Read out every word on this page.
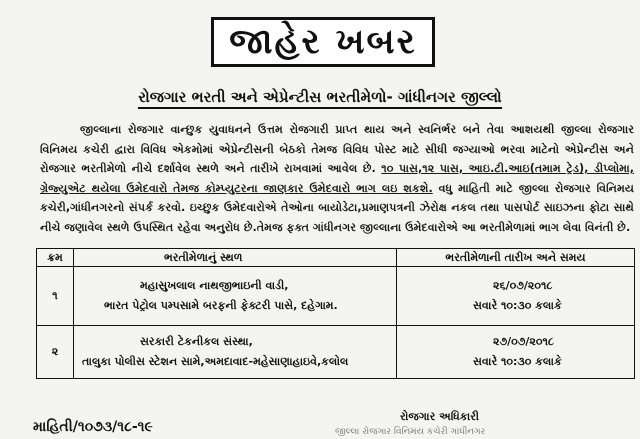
જાહેર ખબર
રોજગાર ભરતી અને એપ્રેન્ટીસ ભરતીમેળો- ગાંધીનગર જીલ્લો

જીલ્લાના રોજગાર વાન્છુક યુવાધનને ઉત્તમ રોજગારી પ્રાપ્ત થાય અને સ્વનિર્ભર બને તેવા આશયથી જીલ્લા રોજગાર વિનિમય કચેરી દ્વારા વિવિધ એકમોમાં એપ્રેન્ટીસની બેઠકો તેમજ વિવિધ પોસ્ટ માટે સીધી જગ્યાઓ ભરવા માટેનો એપ્રેન્ટીસ અને રોજગાર ભરતીમેળો નીચે દર્શાવેલ સ્થળે અને તારીખે રાખવામાં આવેલ છે. ૧૦ પાસ,૧૨ પાસ, આઇ.ટી.આઇ(તમામ ટ્રેડ), ડીપ્લોમા, ગ્રેજ્યુએટ થયેલા ઉમેદવારો તેમજ કોમ્પ્યુટરના જાણકાર ઉમેદવારો ભાગ લઇ શકશે. વધુ માહિતી માટે જીલ્લા રોજગાર વિનિમય કચેરી,ગાંધીનગરનો સંપર્ક કરવો. ઇચ્છુક ઉમેદવારોએ તેઓના બાયોડેટા,પ્રમાણપત્રની ઝેરોક્ષ નકલ તથા પાસપોર્ટ સાઇઝના ફોટા સાથે નીચે જણાવેલ સ્થળે ઉપસ્થિત રહેવા અનુરોધ છે.તેમજ ફક્ત ગાંધીનગર જીલ્લાના ઉમેદવારોએ આ ભરતીમેળામાં ભાગ લેવા વિનંતી છે.

ક્રમ	ભરતીમેળાનું સ્થળ	ભરતીમેળાની તારીખ અને સમય
૧	મહાસુખલાલ નાથજીભાઇની વાડી,
ભારત પેટ્રોલ પમ્પસામે બરફની ફેક્ટરી પાસે, દહેગામ.	૨૬/૦૭/૨૦૧૮
સવારે ૧૦:૩૦ કલાકે

૨	સરકારી ટેકનીકલ સંસ્થા,
તાલુકા પોલીસ સ્ટેશન સામે,અમદાવાદ-મહેસાણાહાઇવે,કલોલ	૨૭/૦૭/૨૦૧૮
સવારે ૧૦:૩૦ કલાકે
માહિતી/૧૦૭૩/૧૮-૧૯
રોજગાર અધિકારી
જીલ્લા રોજગાર વિનિમય કચેરી ગાંધીનગર
